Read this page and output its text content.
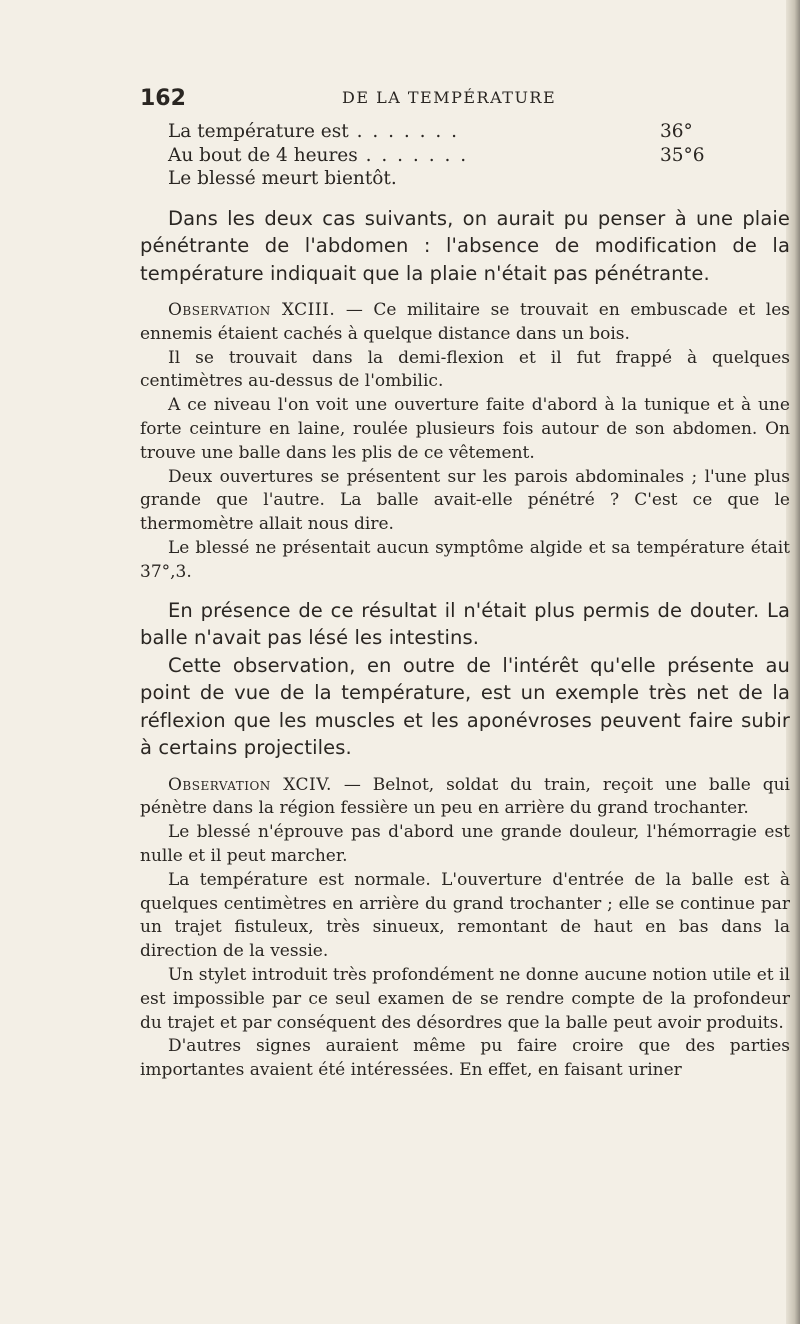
162	DE LA TEMPÉRATURE
La température est . . . . . . .	36°
Au bout de 4 heures . . . . . . .	35°6
Le blessé meurt bientôt.

Dans les deux cas suivants, on aurait pu penser à une plaie pénétrante de l'abdomen : l'absence de modification de la température indiquait que la plaie n'était pas pénétrante.

Observation XCIII. — Ce militaire se trouvait en embuscade et les ennemis étaient cachés à quelque distance dans un bois.

Il se trouvait dans la demi-flexion et il fut frappé à quelques centimètres au-dessus de l'ombilic.

A ce niveau l'on voit une ouverture faite d'abord à la tunique et à une forte ceinture en laine, roulée plusieurs fois autour de son abdomen. On trouve une balle dans les plis de ce vêtement.

Deux ouvertures se présentent sur les parois abdominales ; l'une plus grande que l'autre. La balle avait-elle pénétré ? C'est ce que le thermomètre allait nous dire.

Le blessé ne présentait aucun symptôme algide et sa température était 37°,3.

En présence de ce résultat il n'était plus permis de douter. La balle n'avait pas lésé les intestins.

Cette observation, en outre de l'intérêt qu'elle présente au point de vue de la température, est un exemple très net de la réflexion que les muscles et les aponévroses peuvent faire subir à certains projectiles.

Observation XCIV. — Belnot, soldat du train, reçoit une balle qui pénètre dans la région fessière un peu en arrière du grand trochanter.

Le blessé n'éprouve pas d'abord une grande douleur, l'hémorragie est nulle et il peut marcher.

La température est normale. L'ouverture d'entrée de la balle est à quelques centimètres en arrière du grand trochanter ; elle se continue par un trajet fistuleux, très sinueux, remontant de haut en bas dans la direction de la vessie.

Un stylet introduit très profondément ne donne aucune notion utile et il est impossible par ce seul examen de se rendre compte de la profondeur du trajet et par conséquent des désordres que la balle peut avoir produits.

D'autres signes auraient même pu faire croire que des parties importantes avaient été intéressées. En effet, en faisant uriner
